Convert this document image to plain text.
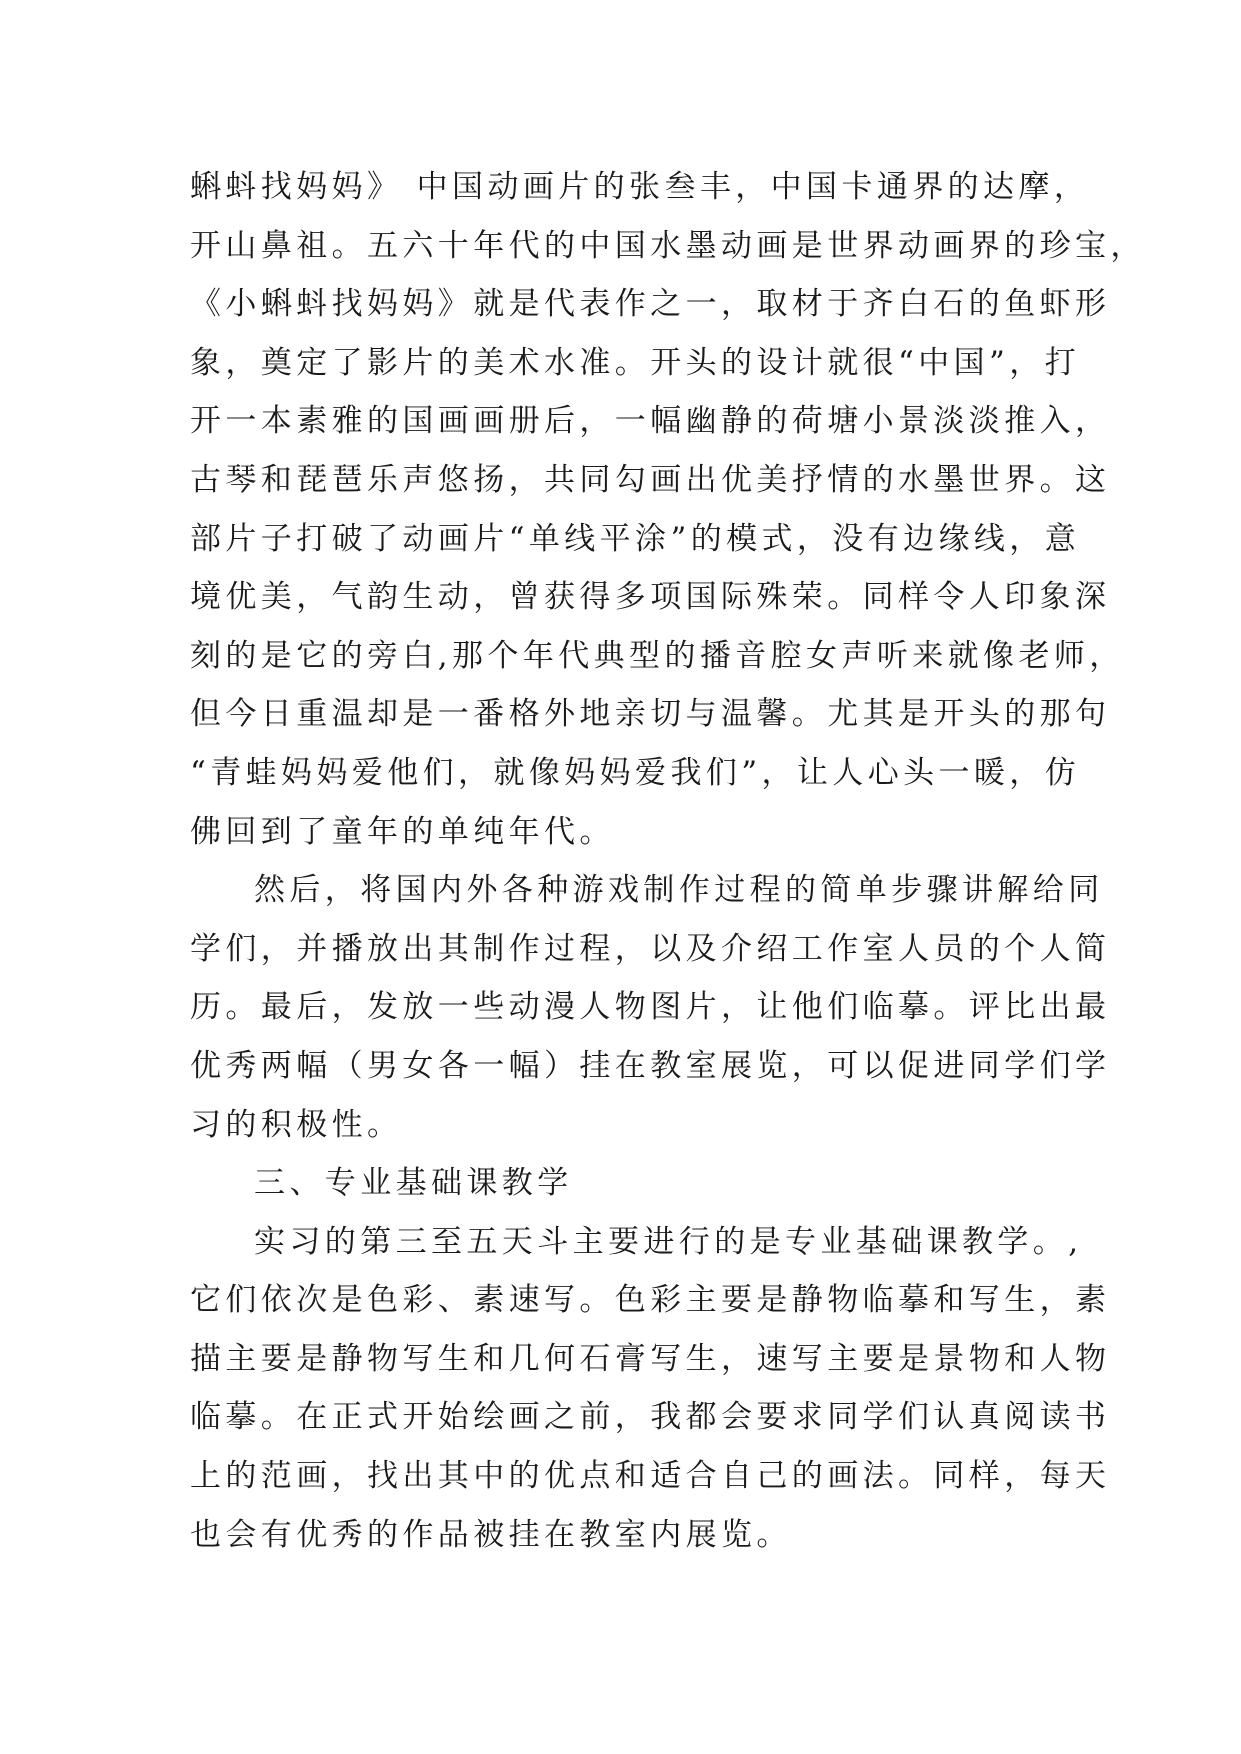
蝌蚪找妈妈》 中国动画片的张叁丰，中国卡通界的达摩，
开山鼻祖。五六十年代的中国水墨动画是世界动画界的珍宝，
《小蝌蚪找妈妈》就是代表作之一，取材于齐白石的鱼虾形
象，奠定了影片的美术水准。开头的设计就很“中国”，打
开一本素雅的国画画册后，一幅幽静的荷塘小景淡淡推入，
古琴和琵琶乐声悠扬，共同勾画出优美抒情的水墨世界。这
部片子打破了动画片“单线平涂”的模式，没有边缘线，意
境优美，气韵生动，曾获得多项国际殊荣。同样令人印象深
刻的是它的旁白,那个年代典型的播音腔女声听来就像老师，
但今日重温却是一番格外地亲切与温馨。尤其是开头的那句
“青蛙妈妈爱他们，就像妈妈爱我们”，让人心头一暖，仿
佛回到了童年的单纯年代。
然后，将国内外各种游戏制作过程的简单步骤讲解给同
学们，并播放出其制作过程，以及介绍工作室人员的个人简
历。最后，发放一些动漫人物图片，让他们临摹。评比出最
优秀两幅（男女各一幅）挂在教室展览，可以促进同学们学
习的积极性。
三、专业基础课教学
实习的第三至五天斗主要进行的是专业基础课教学。,
它们依次是色彩、素速写。色彩主要是静物临摹和写生，素
描主要是静物写生和几何石膏写生，速写主要是景物和人物
临摹。在正式开始绘画之前，我都会要求同学们认真阅读书
上的范画，找出其中的优点和适合自己的画法。同样，每天
也会有优秀的作品被挂在教室内展览。
